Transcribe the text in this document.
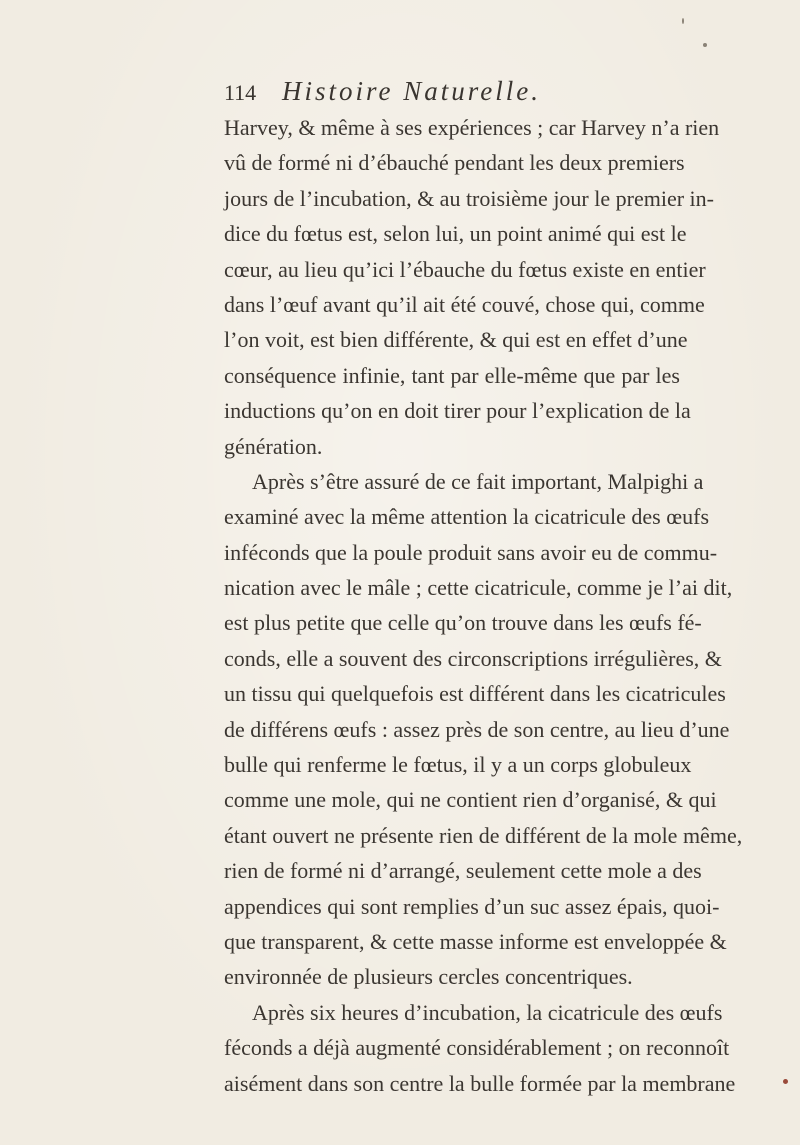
114 Histoire Naturelle.
Harvey, & même à ses expériences ; car Harvey n’a rien
vû de formé ni d’ébauché pendant les deux premiers
jours de l’incubation, & au troisième jour le premier in-
dice du fœtus est, selon lui, un point animé qui est le
cœur, au lieu qu’ici l’ébauche du fœtus existe en entier
dans l’œuf avant qu’il ait été couvé, chose qui, comme
l’on voit, est bien différente, & qui est en effet d’une
conséquence infinie, tant par elle-même que par les
inductions qu’on en doit tirer pour l’explication de la
génération.
Après s’être assuré de ce fait important, Malpighi a
examiné avec la même attention la cicatricule des œufs
inféconds que la poule produit sans avoir eu de commu-
nication avec le mâle ; cette cicatricule, comme je l’ai dit,
est plus petite que celle qu’on trouve dans les œufs fé-
conds, elle a souvent des circonscriptions irrégulières, &
un tissu qui quelquefois est différent dans les cicatricules
de différens œufs : assez près de son centre, au lieu d’une
bulle qui renferme le fœtus, il y a un corps globuleux
comme une mole, qui ne contient rien d’organisé, & qui
étant ouvert ne présente rien de différent de la mole même,
rien de formé ni d’arrangé, seulement cette mole a des
appendices qui sont remplies d’un suc assez épais, quoi-
que transparent, & cette masse informe est enveloppée &
environnée de plusieurs cercles concentriques.
Après six heures d’incubation, la cicatricule des œufs
féconds a déjà augmenté considérablement ; on reconnoît
aisément dans son centre la bulle formée par la membrane
